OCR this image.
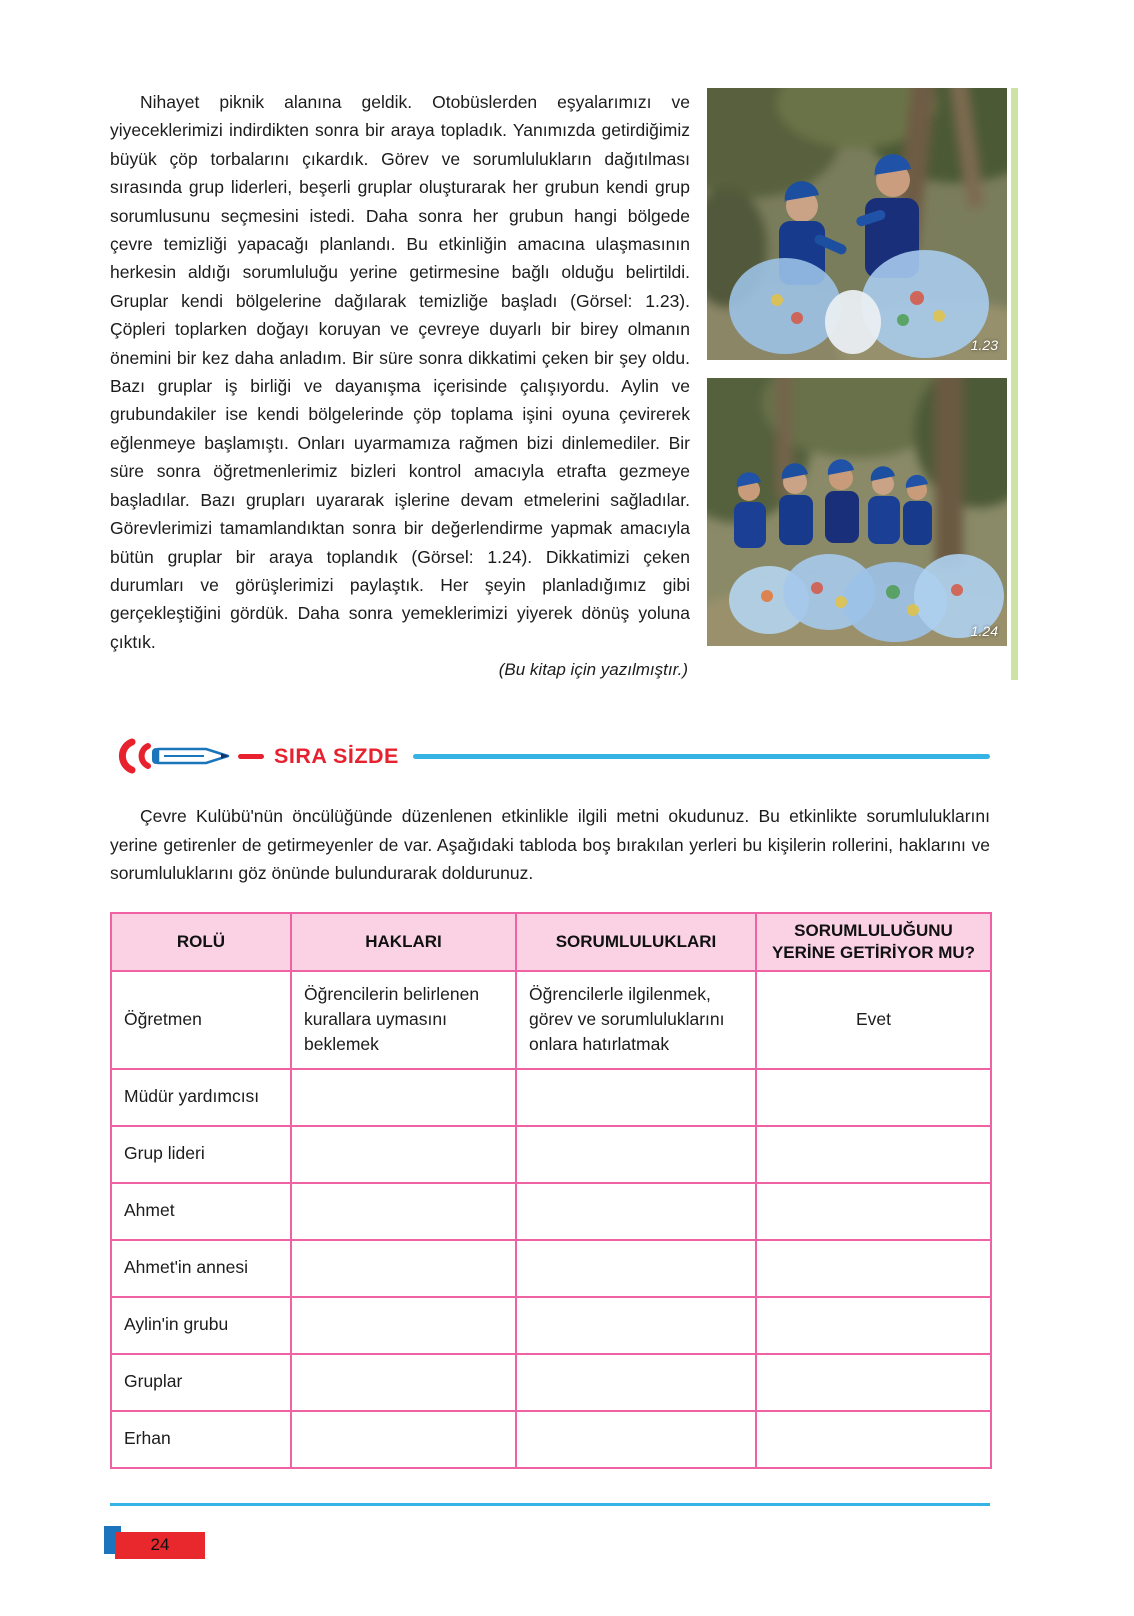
Nihayet piknik alanına geldik. Otobüslerden eşyalarımızı ve yiyeceklerimizi indirdikten sonra bir araya topladık. Yanımızda getirdiğimiz büyük çöp torbalarını çıkardık. Görev ve sorumlulukların dağıtılması sırasında grup liderleri, beşerli gruplar oluşturarak her grubun kendi grup sorumlusunu seçmesini istedi. Daha sonra her grubun hangi bölgede çevre temizliği yapacağı planlandı. Bu etkinliğin amacına ulaşmasının herkesin aldığı sorumluluğu yerine getirmesine bağlı olduğu belirtildi. Gruplar kendi bölgelerine dağılarak temizliğe başladı (Görsel: 1.23). Çöpleri toplarken doğayı koruyan ve çevreye duyarlı bir birey olmanın önemini bir kez daha anladım. Bir süre sonra dikkatimi çeken bir şey oldu. Bazı gruplar iş birliği ve dayanışma içerisinde çalışıyordu. Aylin ve grubundakiler ise kendi bölgelerinde çöp toplama işini oyuna çevirerek eğlenmeye başlamıştı. Onları uyarmamıza rağmen bizi dinlemediler. Bir süre sonra öğretmenlerimiz bizleri kontrol amacıyla etrafta gezmeye başladılar. Bazı grupları uyararak işlerine devam etmelerini sağladılar. Görevlerimizi tamamlandıktan sonra bir değerlendirme yapmak amacıyla bütün gruplar bir araya toplandık (Görsel: 1.24). Dikkatimizi çeken durumları ve görüşlerimizi paylaştık. Her şeyin planladığımız gibi gerçekleştiğini gördük. Daha sonra yemeklerimizi yiyerek dönüş yoluna çıktık.

(Bu kitap için yazılmıştır.)

1.23
1.24
SIRA SİZDE

Çevre Kulübü'nün öncülüğünde düzenlenen etkinlikle ilgili metni okudunuz. Bu etkinlikte sorumluluklarını yerine getirenler de getirmeyenler de var. Aşağıdaki tabloda boş bırakılan yerleri bu kişilerin rollerini, haklarını ve sorumluluklarını göz önünde bulundurarak doldurunuz.

ROLÜ	HAKLARI	SORUMLULUKLARI	SORUMLULUĞUNU YERİNE GETİRİYOR MU?
Öğretmen	Öğrencilerin belirlenen kurallara uymasını beklemek	Öğrencilerle ilgilenmek, görev ve sorumluluklarını onlara hatırlatmak	Evet
Müdür yardımcısı			
Grup lideri			
Ahmet			
Ahmet'in annesi			
Aylin'in grubu			
Gruplar			
Erhan			
24
